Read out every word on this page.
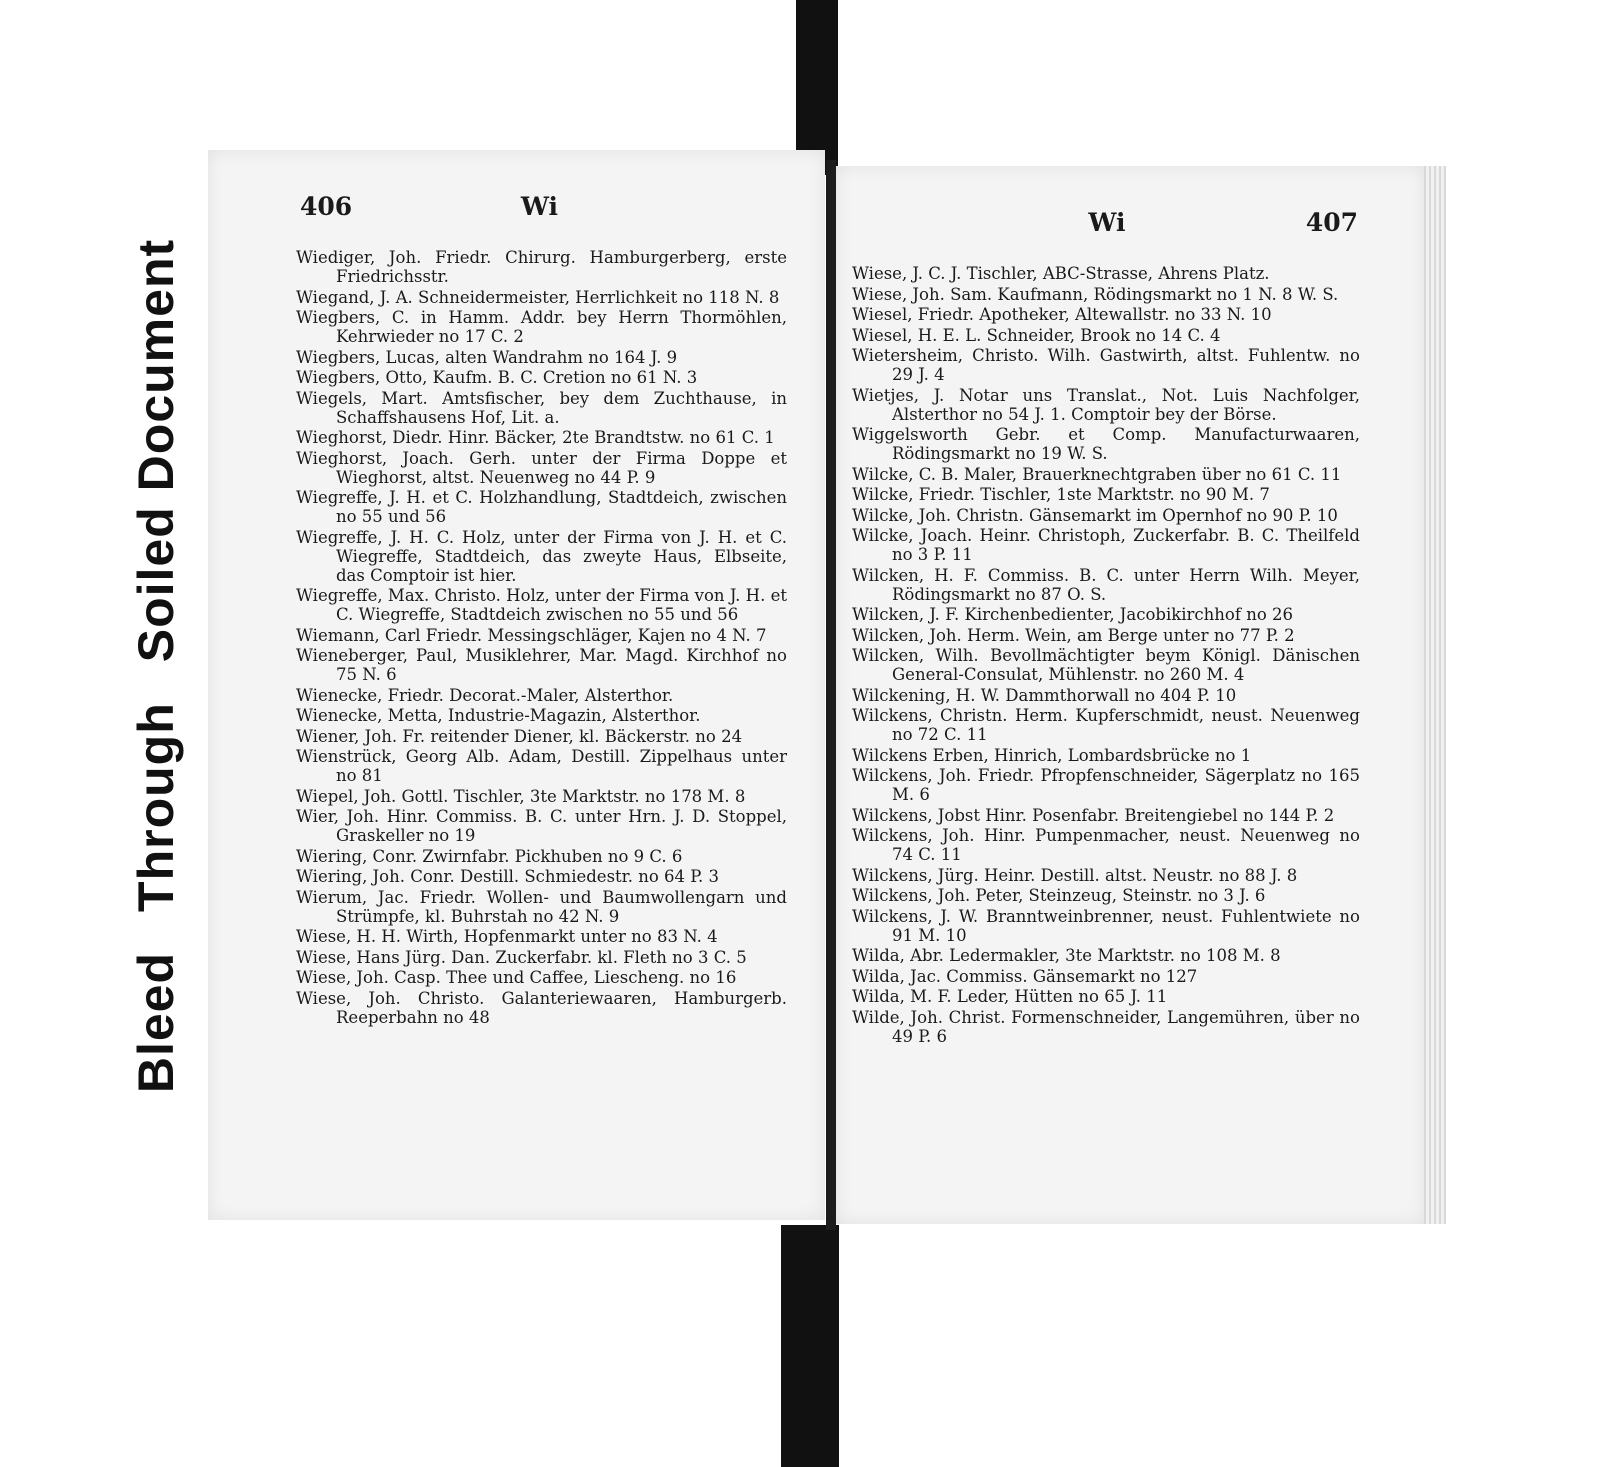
BleedThroughSoiled Document
406	Wi

Wiediger, Joh. Friedr. Chirurg. Hamburgerberg, erste Friedrichsstr.

Wiegand, J. A. Schneidermeister, Herrlichkeit no 118 N. 8

Wiegbers, C. in Hamm. Addr. bey Herrn Thormöhlen, Kehrwieder no 17 C. 2

Wiegbers, Lucas, alten Wandrahm no 164 J. 9

Wiegbers, Otto, Kaufm. B. C. Cretion no 61 N. 3

Wiegels, Mart. Amtsfischer, bey dem Zuchthause, in Schaffshausens Hof, Lit. a.

Wieghorst, Diedr. Hinr. Bäcker, 2te Brandtstw. no 61 C. 1

Wieghorst, Joach. Gerh. unter der Firma Doppe et Wieghorst, altst. Neuenweg no 44 P. 9

Wiegreffe, J. H. et C. Holzhandlung, Stadtdeich, zwischen no 55 und 56

Wiegreffe, J. H. C. Holz, unter der Firma von J. H. et C. Wiegreffe, Stadtdeich, das zweyte Haus, Elbseite, das Comptoir ist hier.

Wiegreffe, Max. Christo. Holz, unter der Firma von J. H. et C. Wiegreffe, Stadtdeich zwischen no 55 und 56

Wiemann, Carl Friedr. Messingschläger, Kajen no 4 N. 7

Wieneberger, Paul, Musiklehrer, Mar. Magd. Kirchhof no 75 N. 6

Wienecke, Friedr. Decorat.-Maler, Alsterthor.

Wienecke, Metta, Industrie-Magazin, Alsterthor.

Wiener, Joh. Fr. reitender Diener, kl. Bäckerstr. no 24

Wienstrück, Georg Alb. Adam, Destill. Zippelhaus unter no 81

Wiepel, Joh. Gottl. Tischler, 3te Marktstr. no 178 M. 8

Wier, Joh. Hinr. Commiss. B. C. unter Hrn. J. D. Stoppel, Graskeller no 19

Wiering, Conr. Zwirnfabr. Pickhuben no 9 C. 6

Wiering, Joh. Conr. Destill. Schmiedestr. no 64 P. 3

Wierum, Jac. Friedr. Wollen- und Baumwollengarn und Strümpfe, kl. Buhrstah no 42 N. 9

Wiese, H. H. Wirth, Hopfenmarkt unter no 83 N. 4

Wiese, Hans Jürg. Dan. Zuckerfabr. kl. Fleth no 3 C. 5

Wiese, Joh. Casp. Thee und Caffee, Liescheng. no 16

Wiese, Joh. Christo. Galanteriewaaren, Hamburgerb. Reeperbahn no 48

Wi	407

Wiese, J. C. J. Tischler, ABC-Strasse, Ahrens Platz.

Wiese, Joh. Sam. Kaufmann, Rödingsmarkt no 1 N. 8 W. S.

Wiesel, Friedr. Apotheker, Altewallstr. no 33 N. 10

Wiesel, H. E. L. Schneider, Brook no 14 C. 4

Wietersheim, Christo. Wilh. Gastwirth, altst. Fuhlentw. no 29 J. 4

Wietjes, J. Notar uns Translat., Not. Luis Nachfolger, Alsterthor no 54 J. 1. Comptoir bey der Börse.

Wiggelsworth Gebr. et Comp. Manufacturwaaren, Rödingsmarkt no 19 W. S.

Wilcke, C. B. Maler, Brauerknechtgraben über no 61 C. 11

Wilcke, Friedr. Tischler, 1ste Marktstr. no 90 M. 7

Wilcke, Joh. Christn. Gänsemarkt im Opernhof no 90 P. 10

Wilcke, Joach. Heinr. Christoph, Zuckerfabr. B. C. Theilfeld no 3 P. 11

Wilcken, H. F. Commiss. B. C. unter Herrn Wilh. Meyer, Rödingsmarkt no 87 O. S.

Wilcken, J. F. Kirchenbedienter, Jacobikirchhof no 26

Wilcken, Joh. Herm. Wein, am Berge unter no 77 P. 2

Wilcken, Wilh. Bevollmächtigter beym Königl. Dänischen General-Consulat, Mühlenstr. no 260 M. 4

Wilckening, H. W. Dammthorwall no 404 P. 10

Wilckens, Christn. Herm. Kupferschmidt, neust. Neuenweg no 72 C. 11

Wilckens Erben, Hinrich, Lombardsbrücke no 1

Wilckens, Joh. Friedr. Pfropfenschneider, Sägerplatz no 165 M. 6

Wilckens, Jobst Hinr. Posenfabr. Breitengiebel no 144 P. 2

Wilckens, Joh. Hinr. Pumpenmacher, neust. Neuenweg no 74 C. 11

Wilckens, Jürg. Heinr. Destill. altst. Neustr. no 88 J. 8

Wilckens, Joh. Peter, Steinzeug, Steinstr. no 3 J. 6

Wilckens, J. W. Branntweinbrenner, neust. Fuhlentwiete no 91 M. 10

Wilda, Abr. Ledermakler, 3te Marktstr. no 108 M. 8

Wilda, Jac. Commiss. Gänsemarkt no 127

Wilda, M. F. Leder, Hütten no 65 J. 11

Wilde, Joh. Christ. Formenschneider, Langemühren, über no 49 P. 6
